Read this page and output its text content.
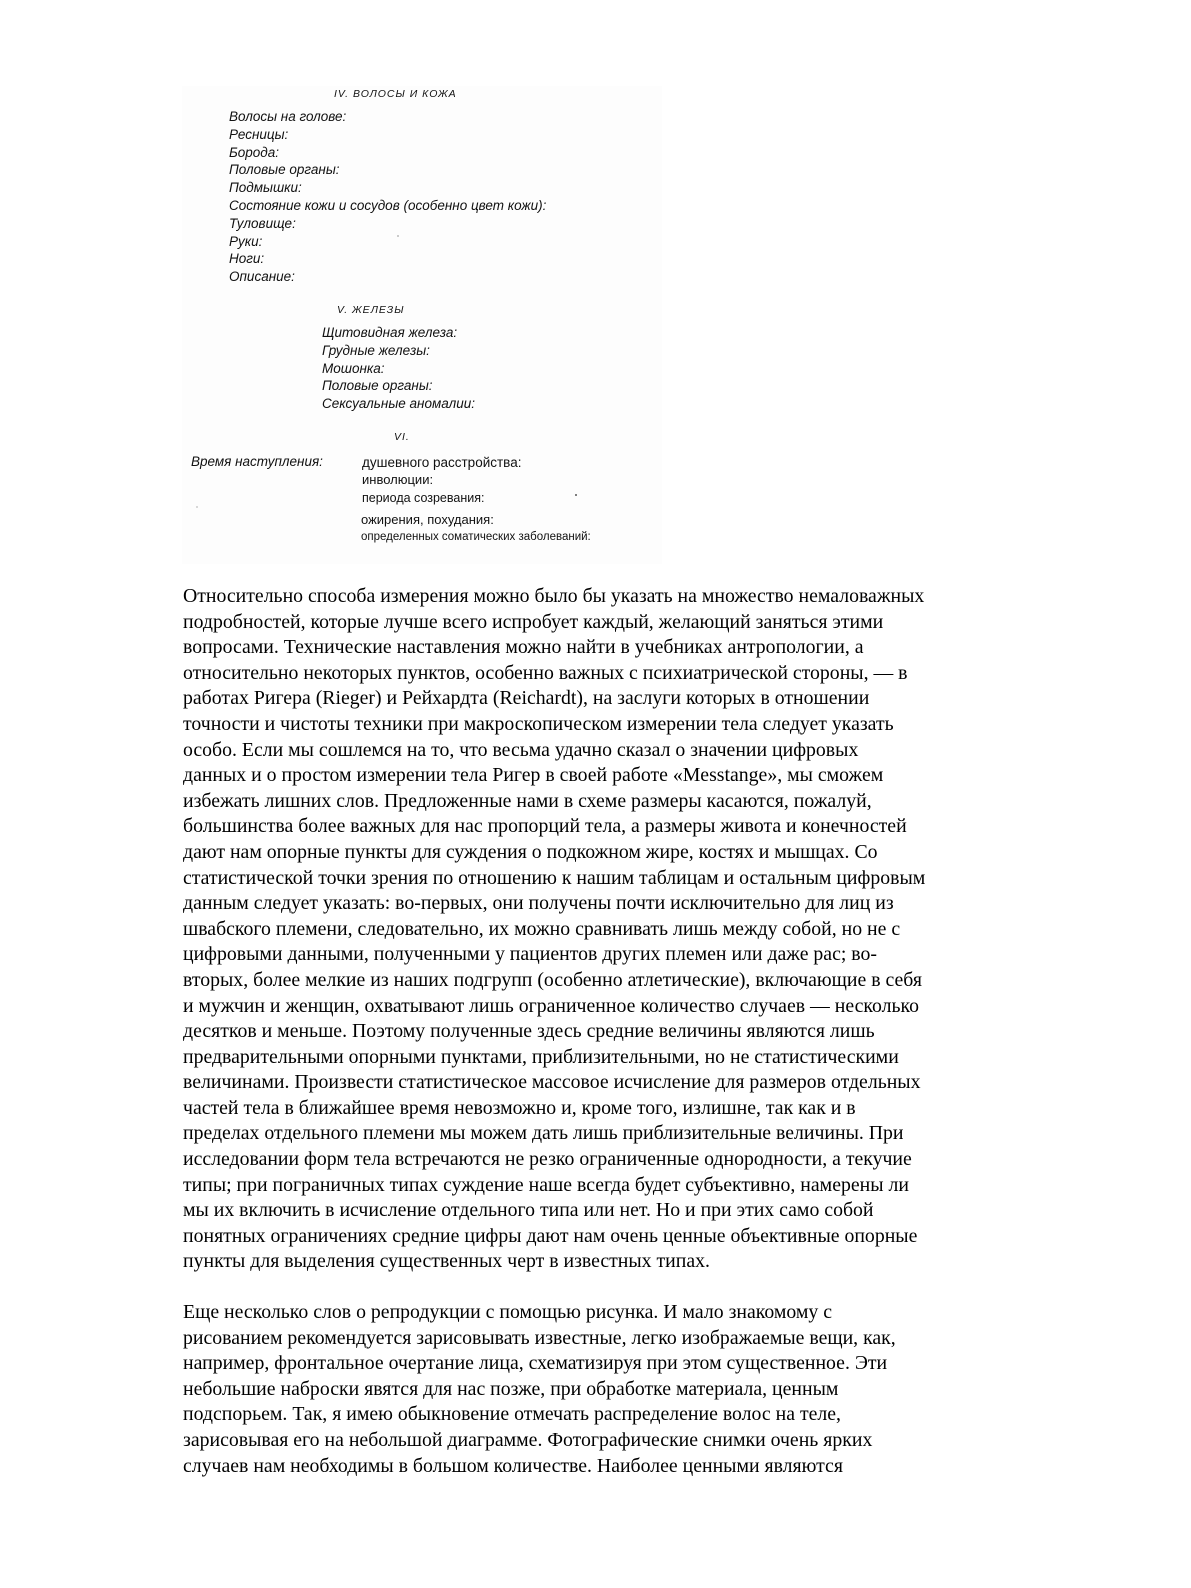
IV. ВОЛОСЫ И КОЖА
Волосы на голове:
Ресницы:
Борода:
Половые органы:
Подмышки:
Состояние кожи и сосудов (особенно цвет кожи):
Туловище:
Руки:
Ноги:
Описание:
V. ЖЕЛЕЗЫ
Щитовидная железа:
Грудные железы:
Мошонка:
Половые органы:
Сексуальные аномалии:
VI.
Время наступления:	душевного расстройства:
инволюции:
периода созревания:
ожирения, похудания:
определенных соматических заболеваний:
Относительно способа измерения можно было бы указать на множество немаловажных
подробностей, которые лучше всего испробует каждый, желающий заняться этими
вопросами. Технические наставления можно найти в учебниках антропологии, а
относительно некоторых пунктов, особенно важных с психиатрической стороны, — в
работах Ригера (Rieger) и Рейхардта (Reichardt), на заслуги которых в отношении
точности и чистоты техники при макроскопическом измерении тела следует указать
особо. Если мы сошлемся на то, что весьма удачно сказал о значении цифровых
данных и о простом измерении тела Ригер в своей работе «Messtange», мы сможем
избежать лишних слов. Предложенные нами в схеме размеры касаются, пожалуй,
большинства более важных для нас пропорций тела, а размеры живота и конечностей
дают нам опорные пункты для суждения о подкожном жире, костях и мышцах. Со
статистической точки зрения по отношению к нашим таблицам и остальным цифровым
данным следует указать: во-первых, они получены почти исключительно для лиц из
швабского племени, следовательно, их можно сравнивать лишь между собой, но не с
цифровыми данными, полученными у пациентов других племен или даже рас; во-
вторых, более мелкие из наших подгрупп (особенно атлетические), включающие в себя
и мужчин и женщин, охватывают лишь ограниченное количество случаев — несколько
десятков и меньше. Поэтому полученные здесь средние величины являются лишь
предварительными опорными пунктами, приблизительными, но не статистическими
величинами. Произвести статистическое массовое исчисление для размеров отдельных
частей тела в ближайшее время невозможно и, кроме того, излишне, так как и в
пределах отдельного племени мы можем дать лишь приблизительные величины. При
исследовании форм тела встречаются не резко ограниченные однородности, а текучие
типы; при пограничных типах суждение наше всегда будет субъективно, намерены ли
мы их включить в исчисление отдельного типа или нет. Но и при этих само собой
понятных ограничениях средние цифры дают нам очень ценные объективные опорные
пункты для выделения существенных черт в известных типах.
Еще несколько слов о репродукции с помощью рисунка. И мало знакомому с
рисованием рекомендуется зарисовывать известные, легко изображаемые вещи, как,
например, фронтальное очертание лица, схематизируя при этом существенное. Эти
небольшие наброски явятся для нас позже, при обработке материала, ценным
подспорьем. Так, я имею обыкновение отмечать распределение волос на теле,
зарисовывая его на небольшой диаграмме. Фотографические снимки очень ярких
случаев нам необходимы в большом количестве. Наиболее ценными являются
